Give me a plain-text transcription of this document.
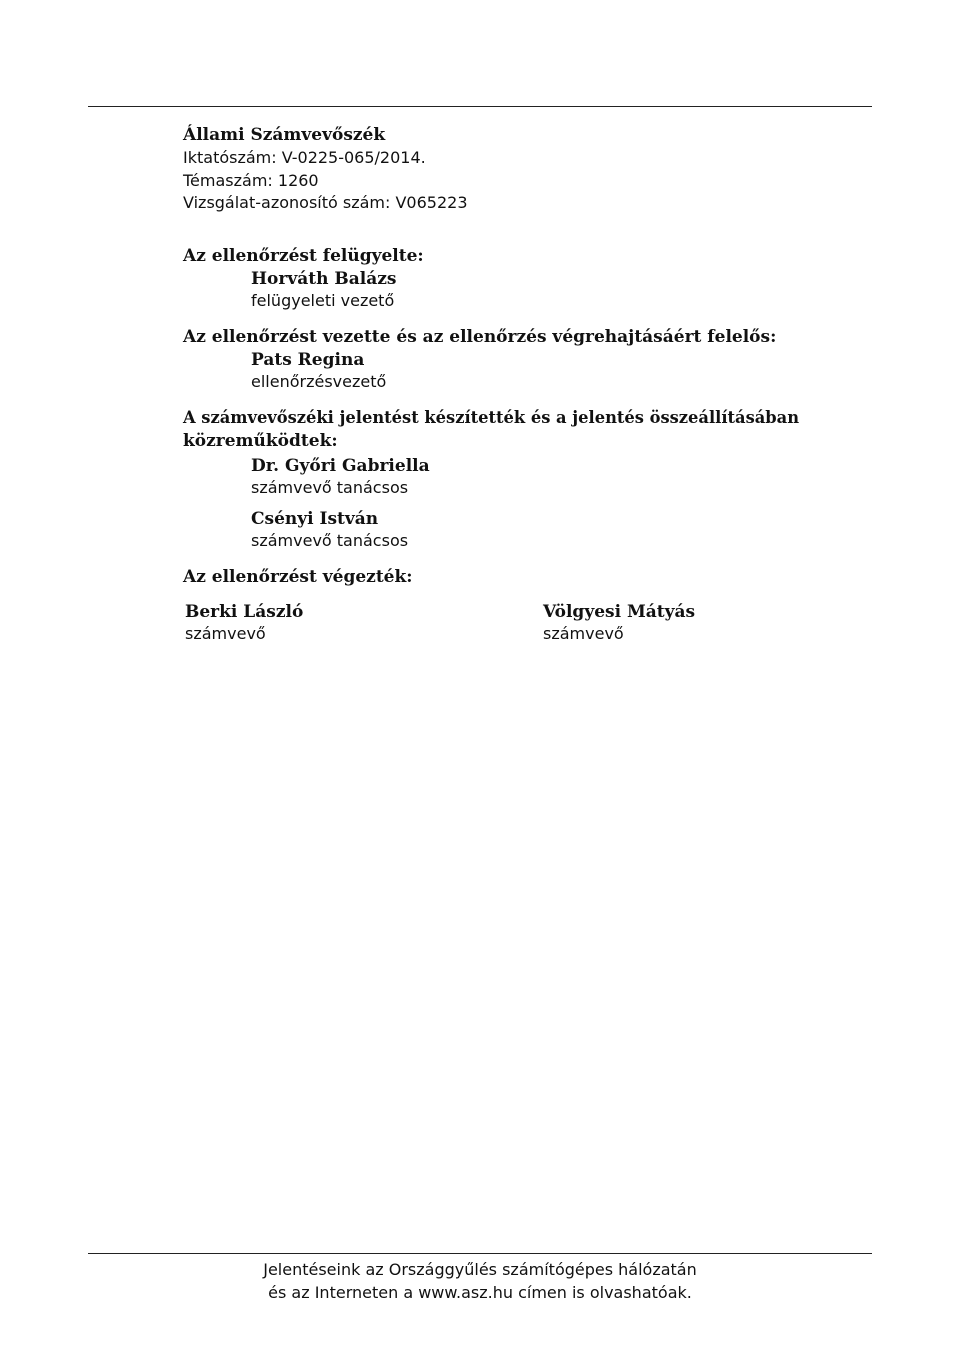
Állami Számvevőszék
Iktatószám: V-0225-065/2014.
Témaszám: 1260
Vizsgálat-azonosító szám: V065223
Az ellenőrzést felügyelte:
Horváth Balázs
felügyeleti vezető
Az ellenőrzést vezette és az ellenőrzés végrehajtásáért felelős:
Pats Regina
ellenőrzésvezető
A számvevőszéki jelentést készítették és a jelentés összeállításában
közreműködtek:
Dr. Győri Gabriella
számvevő tanácsos
Csényi István
számvevő tanácsos
Az ellenőrzést végezték:
Berki László
számvevő
Völgyesi Mátyás
számvevő
Jelentéseink az Országgyűlés számítógépes hálózatán
és az Interneten a www.asz.hu címen is olvashatóak.
